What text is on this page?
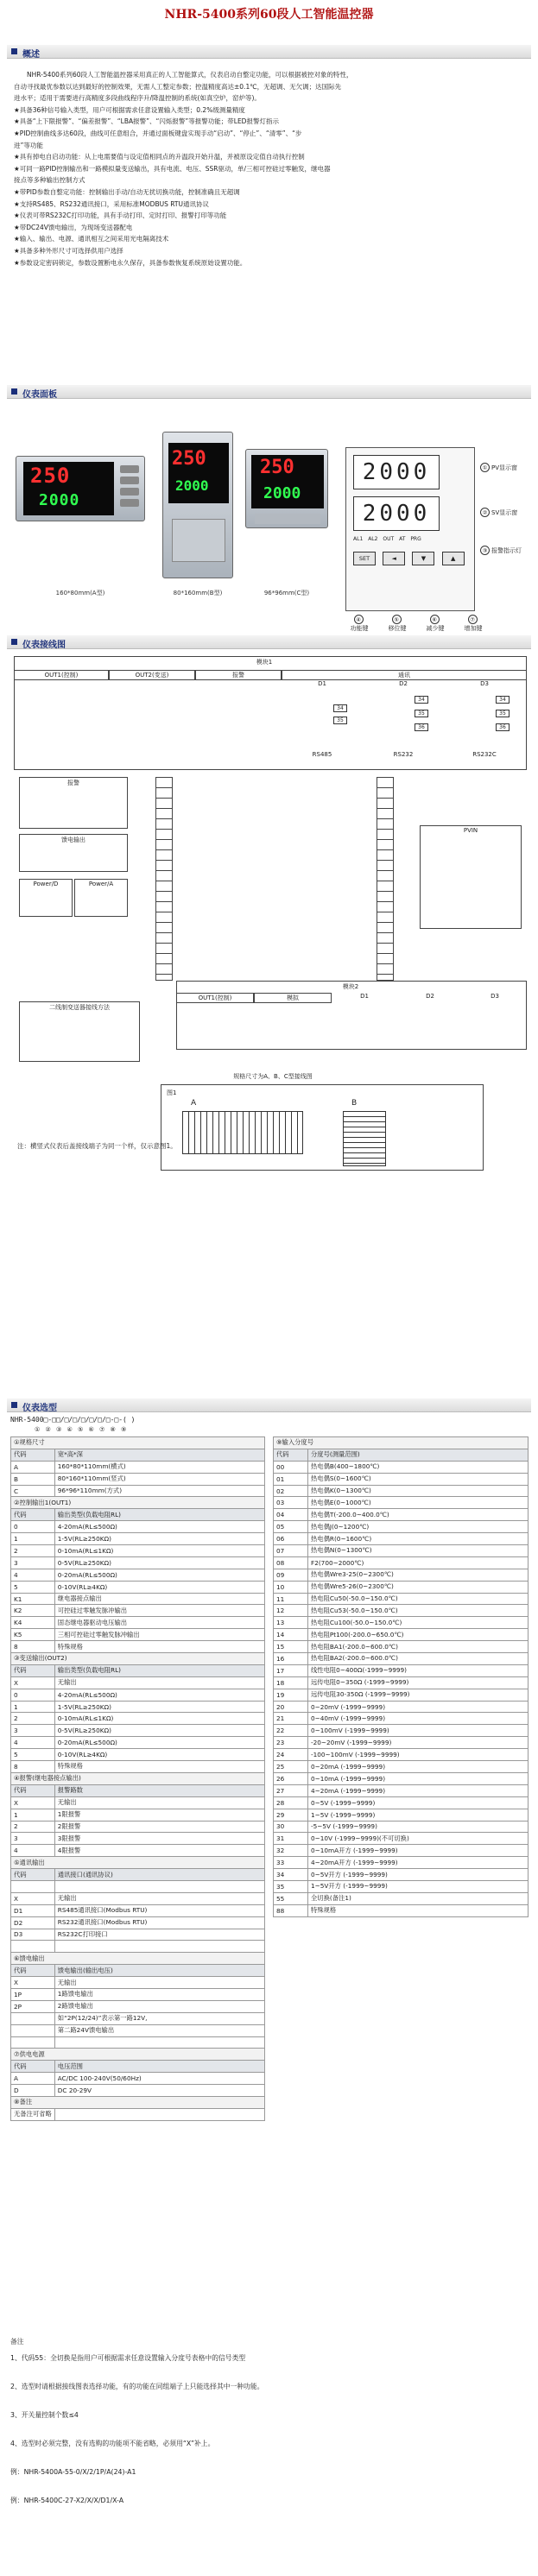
NHR-5400系列60段人工智能温控器
概述

　　NHR-5400系列60段人工智能温控器采用真正的人工智能算式，仪表启动自整定功能，可以根据被控对象的特性，

自动寻找最优参数以达到最好的控制效果，无需人工整定参数；控温精度高达±0.1℃，无超调、无欠调；达国际先

进水平；适用于需要进行高精度多段曲线程序升/降温控制的系统(如真空炉，窑炉等)。

★具备36种信号输入类型，用户可根据需求任意设置输入类型；0.2%级测量精度

★具备“上下限报警”、“偏差报警”、“LBA报警”、“闪烁报警”等报警功能；带LED报警灯指示

★PID控制曲线多达60段，曲线可任意组合，并通过面板键盘实现手动“启动”、“停止”、“清零”、“步

进”等功能

★具有掉电自启动功能：从上电需要值与设定值相同点的升温段开始升温，并被原设定值自动执行控制

★可同一路PID控制输出和一路模拟量变送输出，具有电流、电压、SSR驱动，单/三相可控硅过零触发，继电器

接点等多种输出控制方式

★带PID参数自整定功能：控制输出手动/自动无扰切换功能，控制准确且无超调

★支持RS485、RS232通讯接口，采用标准MODBUS RTU通讯协议

★仪表可带RS232C打印功能，具有手动打印、定时打印、报警打印等功能

★带DC24V馈电输出，为现场变送器配电

★输入、输出、电源、通讯相互之间采用光电隔离技术

★具备多种外形尺寸可选择供用户选择

★参数设定密码锁定，参数设置断电永久保存，具备参数恢复系统原始设置功能。

仪表面板
250
2000
160*80mm(A型)
250
2000
80*160mm(B型)
250
2000
96*96mm(C型)
2000
2000
AL1 AL2 OUT AT PRG
SET	◄	▼	▲
① PV显示窗
② SV显示窗
③ 报警指示灯
④
功能键
⑤
移位键
⑥
减少键
⑦
增加键
仪表接线图
模块1
OUT1(控制)	OUT2(变送)	报警	通讯
D1	D2	D3
RS485	RS232	RS232C
34
35
34
35
36
34
35
36
报警
馈电输出
Power/D	Power/A
PVIN
模块2
OUT1(控制)	模拟	D1	D2	D3
二线制变送器接线方法
规格尺寸为A、B、C型接线图
图1
A	B
注：横竖式仪表后盖接线端子为同一个样，仅示意图1。
仪表选型
NHR-5400□-□□/□/□/□/□/□/□-□-( )
① ② ③ ④ ⑤ ⑥ ⑦ ⑧ ⑨
①规格尺寸	
代码	宽*高*深
A	160*80*110mm(横式)
B	80*160*110mm(竖式)
C	96*96*110mm(方式)
②控制输出1(OUT1)	
代码	输出类型(负载电阻RL)
0	4-20mA(RL≤500Ω)
1	1-5V(RL≥250KΩ)
2	0-10mA(RL≤1KΩ)
3	0-5V(RL≥250KΩ)
4	0-20mA(RL≤500Ω)
5	0-10V(RL≥4KΩ)
K1	继电器接点输出
K2	可控硅过零触发脉冲输出
K4	固态继电器驱动电压输出
K5	三相可控硅过零触发脉冲输出
8	特殊规格
③变送输出(OUT2)	
代码	输出类型(负载电阻RL)
X	无输出
0	4-20mA(RL≤500Ω)
1	1-5V(RL≥250KΩ)
2	0-10mA(RL≤1KΩ)
3	0-5V(RL≥250KΩ)
4	0-20mA(RL≤500Ω)
5	0-10V(RL≥4KΩ)
8	特殊规格
④报警(继电器接点输出)	
代码	报警路数
X	无输出
1	1限报警
2	2限报警
3	3限报警
4	4限报警
⑤通讯输出	
代码	通讯接口(通讯协议)

X	无输出
D1	RS485通讯接口(Modbus RTU)
D2	RS232通讯接口(Modbus RTU)
D3	RS232C打印接口

⑥馈电输出	
代码	馈电输出(输出电压)
X	无输出
1P	1路馈电输出
2P	2路馈电输出
	如“2P(12/24)”表示第一路12V,
	第二路24V馈电输出

⑦供电电源	
代码	电压范围
A	AC/DC 100-240V(50/60Hz)
D	DC 20-29V
⑧备注	
无备注可省略	
⑨输入分度号	
代码	分度号(测量范围)
00	热电偶B(400~1800℃)
01	热电偶S(0~1600℃)
02	热电偶K(0~1300℃)
03	热电偶E(0~1000℃)
04	热电偶T(-200.0~400.0℃)
05	热电偶J(0~1200℃)
06	热电偶R(0~1600℃)
07	热电偶N(0~1300℃)
08	F2(700~2000℃)
09	热电偶Wre3-25(0~2300℃)
10	热电偶Wre5-26(0~2300℃)
11	热电阻Cu50(-50.0~150.0℃)
12	热电阻Cu53(-50.0~150.0℃)
13	热电阻Cu100(-50.0~150.0℃)
14	热电阻Pt100(-200.0~650.0℃)
15	热电阻BA1(-200.0~600.0℃)
16	热电阻BA2(-200.0~600.0℃)
17	线性电阻0~400Ω(-1999~9999)
18	远传电阻0~350Ω (-1999~9999)
19	远传电阻30-350Ω (-1999~9999)
20	0~20mV (-1999~9999)
21	0~40mV (-1999~9999)
22	0~100mV (-1999~9999)
23	-20~20mV (-1999~9999)
24	-100~100mV (-1999~9999)
25	0~20mA (-1999~9999)
26	0~10mA (-1999~9999)
27	4~20mA (-1999~9999)
28	0~5V (-1999~9999)
29	1~5V (-1999~9999)
30	-5~5V (-1999~9999)
31	0~10V (-1999~9999)(不可切换)
32	0~10mA开方 (-1999~9999)
33	4~20mA开方 (-1999~9999)
34	0~5V开方 (-1999~9999)
35	1~5V开方 (-1999~9999)
55	全切换(备注1)
88	特殊规格
备注
1、代码55：全切换是指用户可根据需求任意设置输入分度号表格中的信号类型
2、选型时请根据接线图表选择功能，有的功能在同组端子上只能选择其中一种功能。
3、开关量控制个数≤4
4、选型时必须完整，没有选购的功能项不能省略，必须用“X”补上。
例：NHR-5400A-55-0/X/2/1P/A(24)-A1
例：NHR-5400C-27-X2/X/X/D1/X-A
